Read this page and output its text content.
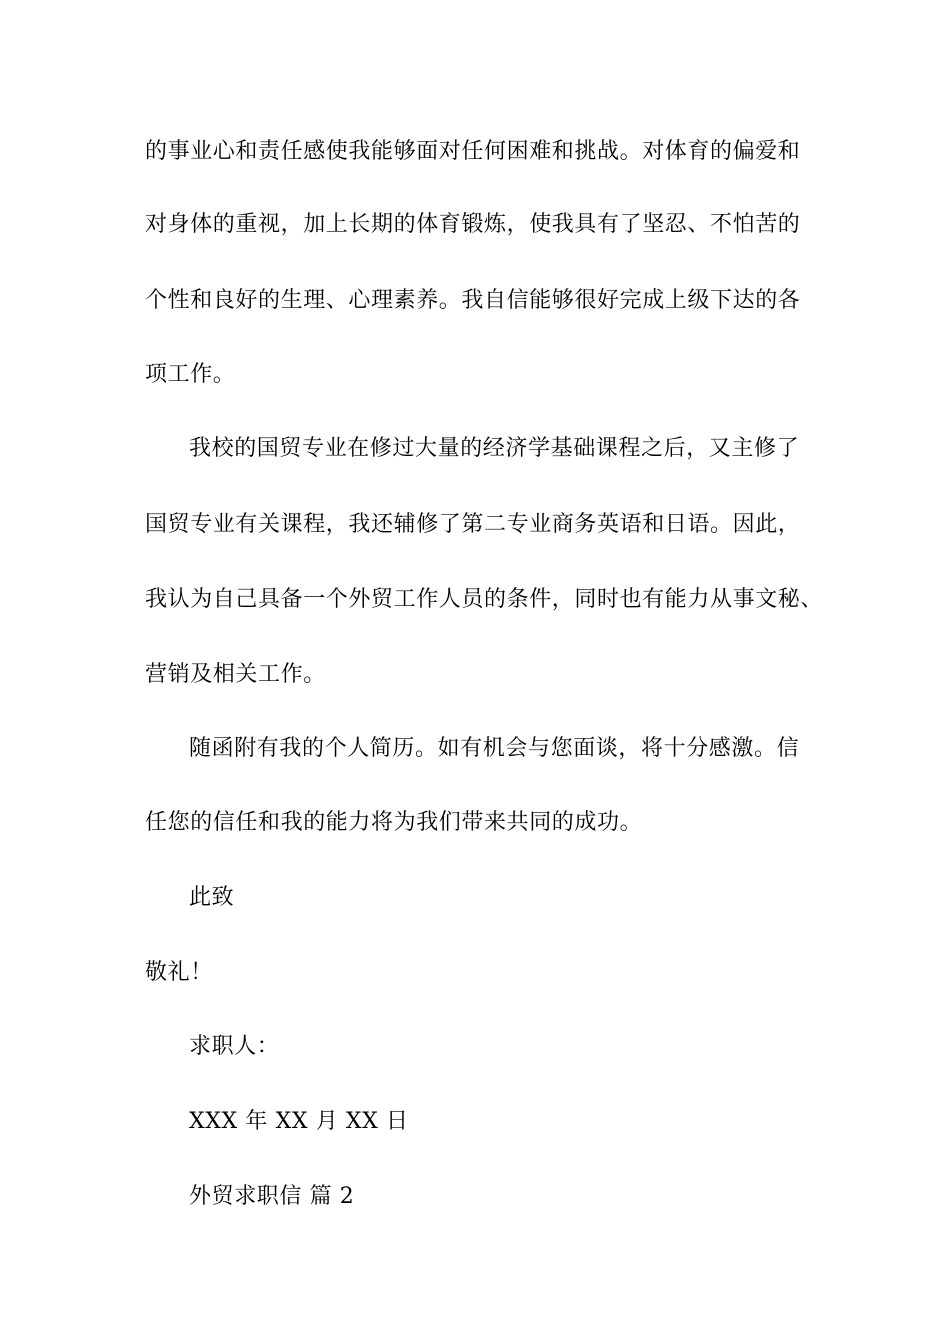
的事业心和责任感使我能够面对任何困难和挑战。对体育的偏爱和
对身体的重视，加上长期的体育锻炼，使我具有了坚忍、不怕苦的
个性和良好的生理、心理素养。我自信能够很好完成上级下达的各
项工作。
我校的国贸专业在修过大量的经济学基础课程之后，又主修了
国贸专业有关课程，我还辅修了第二专业商务英语和日语。因此，
我认为自己具备一个外贸工作人员的条件，同时也有能力从事文秘、
营销及相关工作。
随函附有我的个人简历。如有机会与您面谈，将十分感激。信
任您的信任和我的能力将为我们带来共同的成功。
此致
敬礼！
求职人：
XXX 年 XX 月 XX 日
外贸求职信 篇 2
